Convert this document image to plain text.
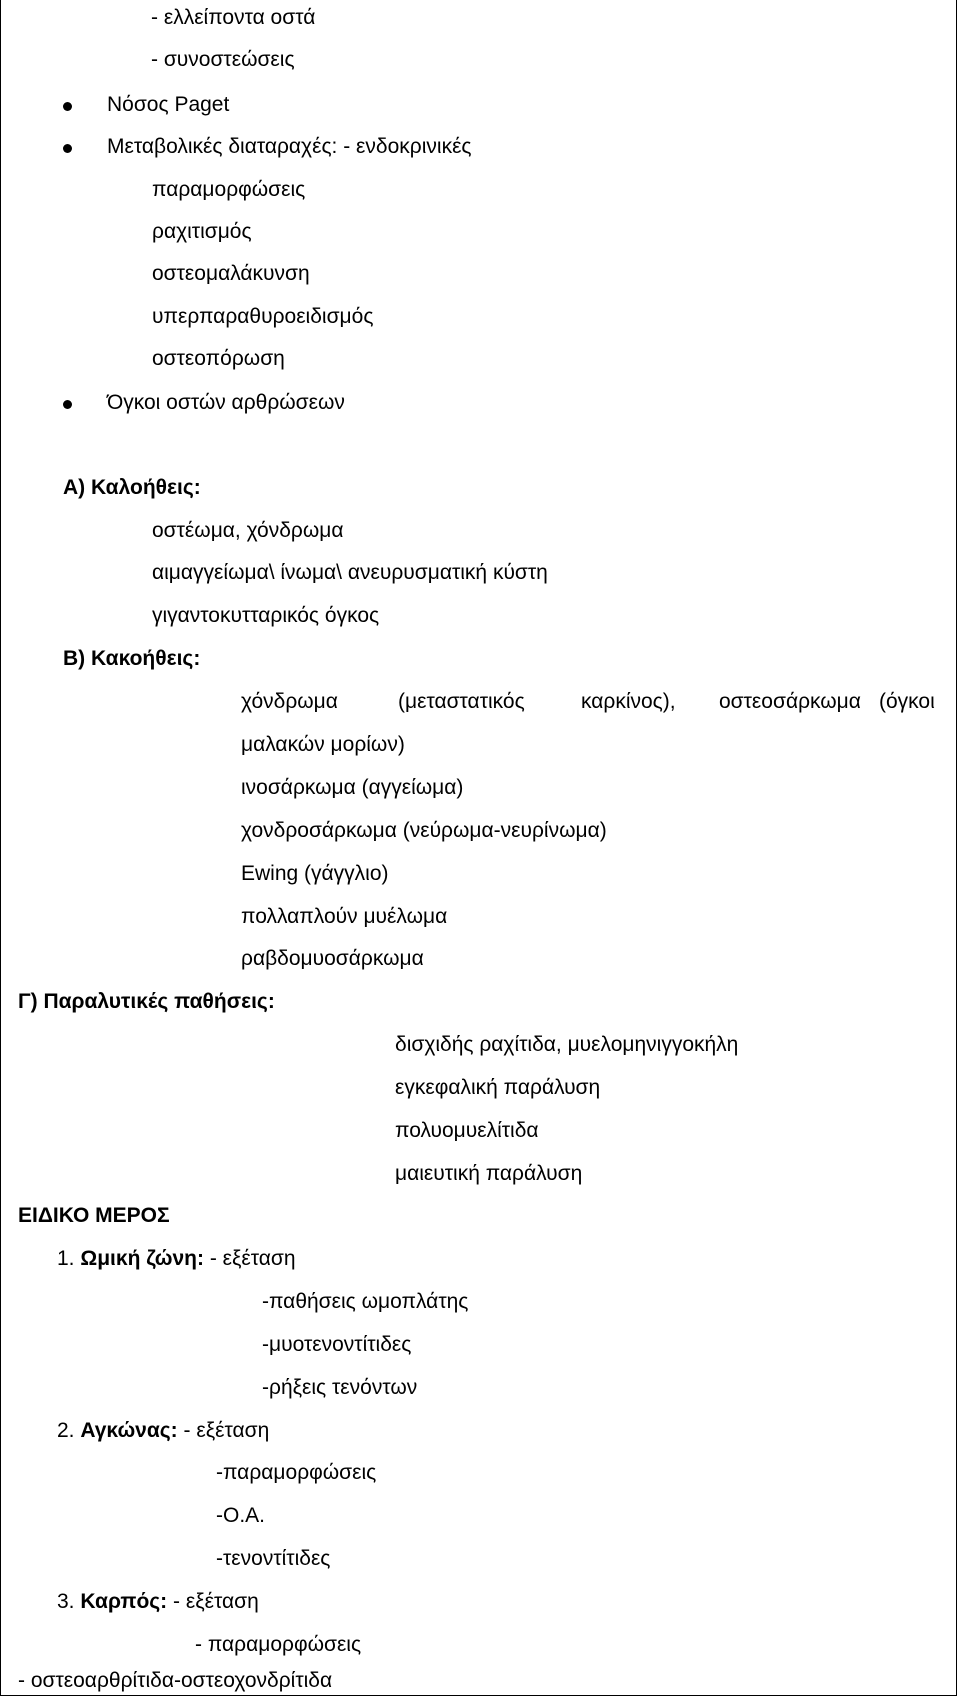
- ελλείποντα οστά
- συνοστεώσεις
Νόσος Paget
Μεταβολικές διαταραχές: - ενδοκρινικές
παραμορφώσεις
ραχιτισμός
οστεομαλάκυνση
υπερπαραθυροειδισμός
οστεοπόρωση
Όγκοι οστών αρθρώσεων
Α) Καλοήθεις:
οστέωμα, χόνδρωμα
αιμαγγείωμα\ ίνωμα\ ανευρυσματική κύστη
γιγαντοκυτταρικός όγκος
Β) Κακοήθεις:
χόνδρωμα	(μεταστατικός	καρκίνος), οστεοσάρκωμα (όγκοι
μαλακών μορίων)
ινοσάρκωμα (αγγείωμα)
χονδροσάρκωμα (νεύρωμα-νευρίνωμα)
Ewing (γάγγλιο)
πολλαπλούν μυέλωμα
ραβδομυοσάρκωμα
Γ) Παραλυτικές παθήσεις:
δισχιδής ραχίτιδα, μυελομηνιγγοκήλη
εγκεφαλική παράλυση
πολυομυελίτιδα
μαιευτική παράλυση
ΕΙΔΙΚΟ ΜΕΡΟΣ
1. Ωμική ζώνη: - εξέταση
-παθήσεις ωμοπλάτης
-μυοτενοντίτιδες
-ρήξεις τενόντων
2. Αγκώνας: - εξέταση
-παραμορφώσεις
-Ο.Α.
-τενοντίτιδες
3. Καρπός: - εξέταση
- παραμορφώσεις
- οστεοαρθρίτιδα-οστεοχονδρίτιδα
